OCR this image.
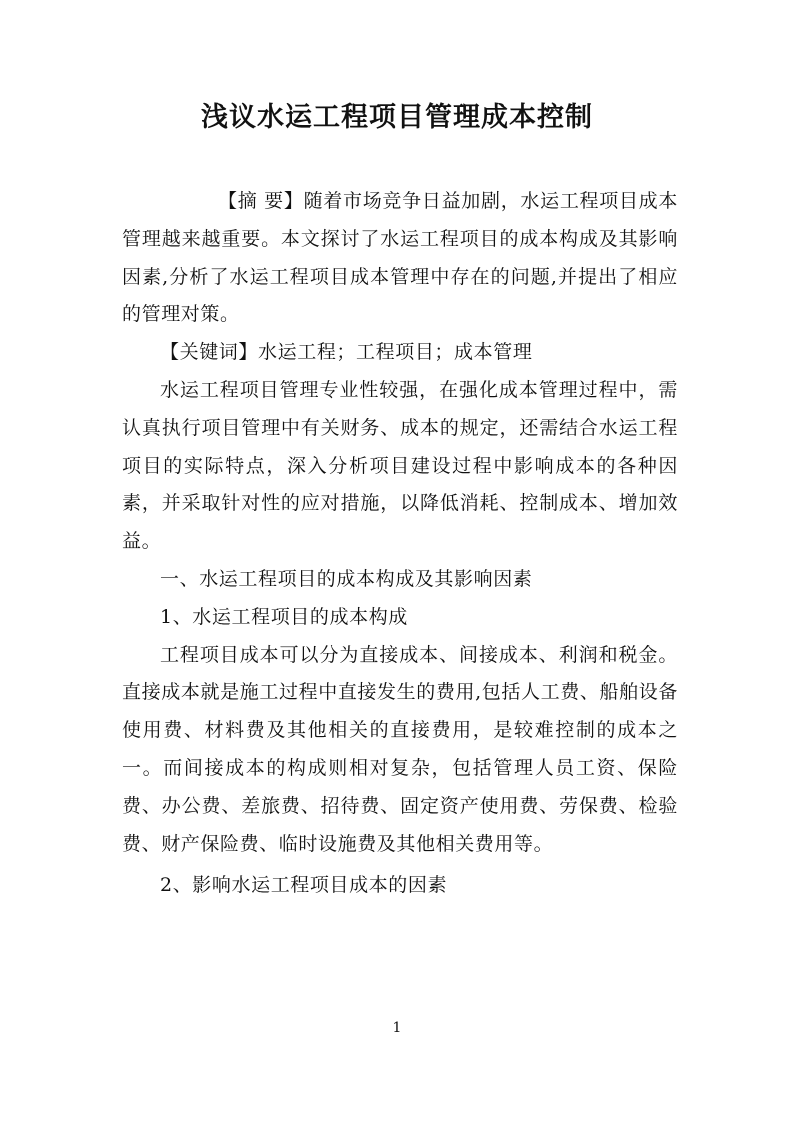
浅议水运工程项目管理成本控制

【摘 要】随着市场竞争日益加剧，水运工程项目成本管理越来越重要。本文探讨了水运工程项目的成本构成及其影响因素,分析了水运工程项目成本管理中存在的问题,并提出了相应的管理对策。

【关键词】水运工程；工程项目；成本管理

水运工程项目管理专业性较强，在强化成本管理过程中，需认真执行项目管理中有关财务、成本的规定，还需结合水运工程项目的实际特点，深入分析项目建设过程中影响成本的各种因素，并采取针对性的应对措施，以降低消耗、控制成本、增加效益。

一、水运工程项目的成本构成及其影响因素

1、水运工程项目的成本构成

工程项目成本可以分为直接成本、间接成本、利润和税金。直接成本就是施工过程中直接发生的费用,包括人工费、船舶设备使用费、材料费及其他相关的直接费用，是较难控制的成本之一。而间接成本的构成则相对复杂，包括管理人员工资、保险费、办公费、差旅费、招待费、固定资产使用费、劳保费、检验费、财产保险费、临时设施费及其他相关费用等。

2、影响水运工程项目成本的因素

1
